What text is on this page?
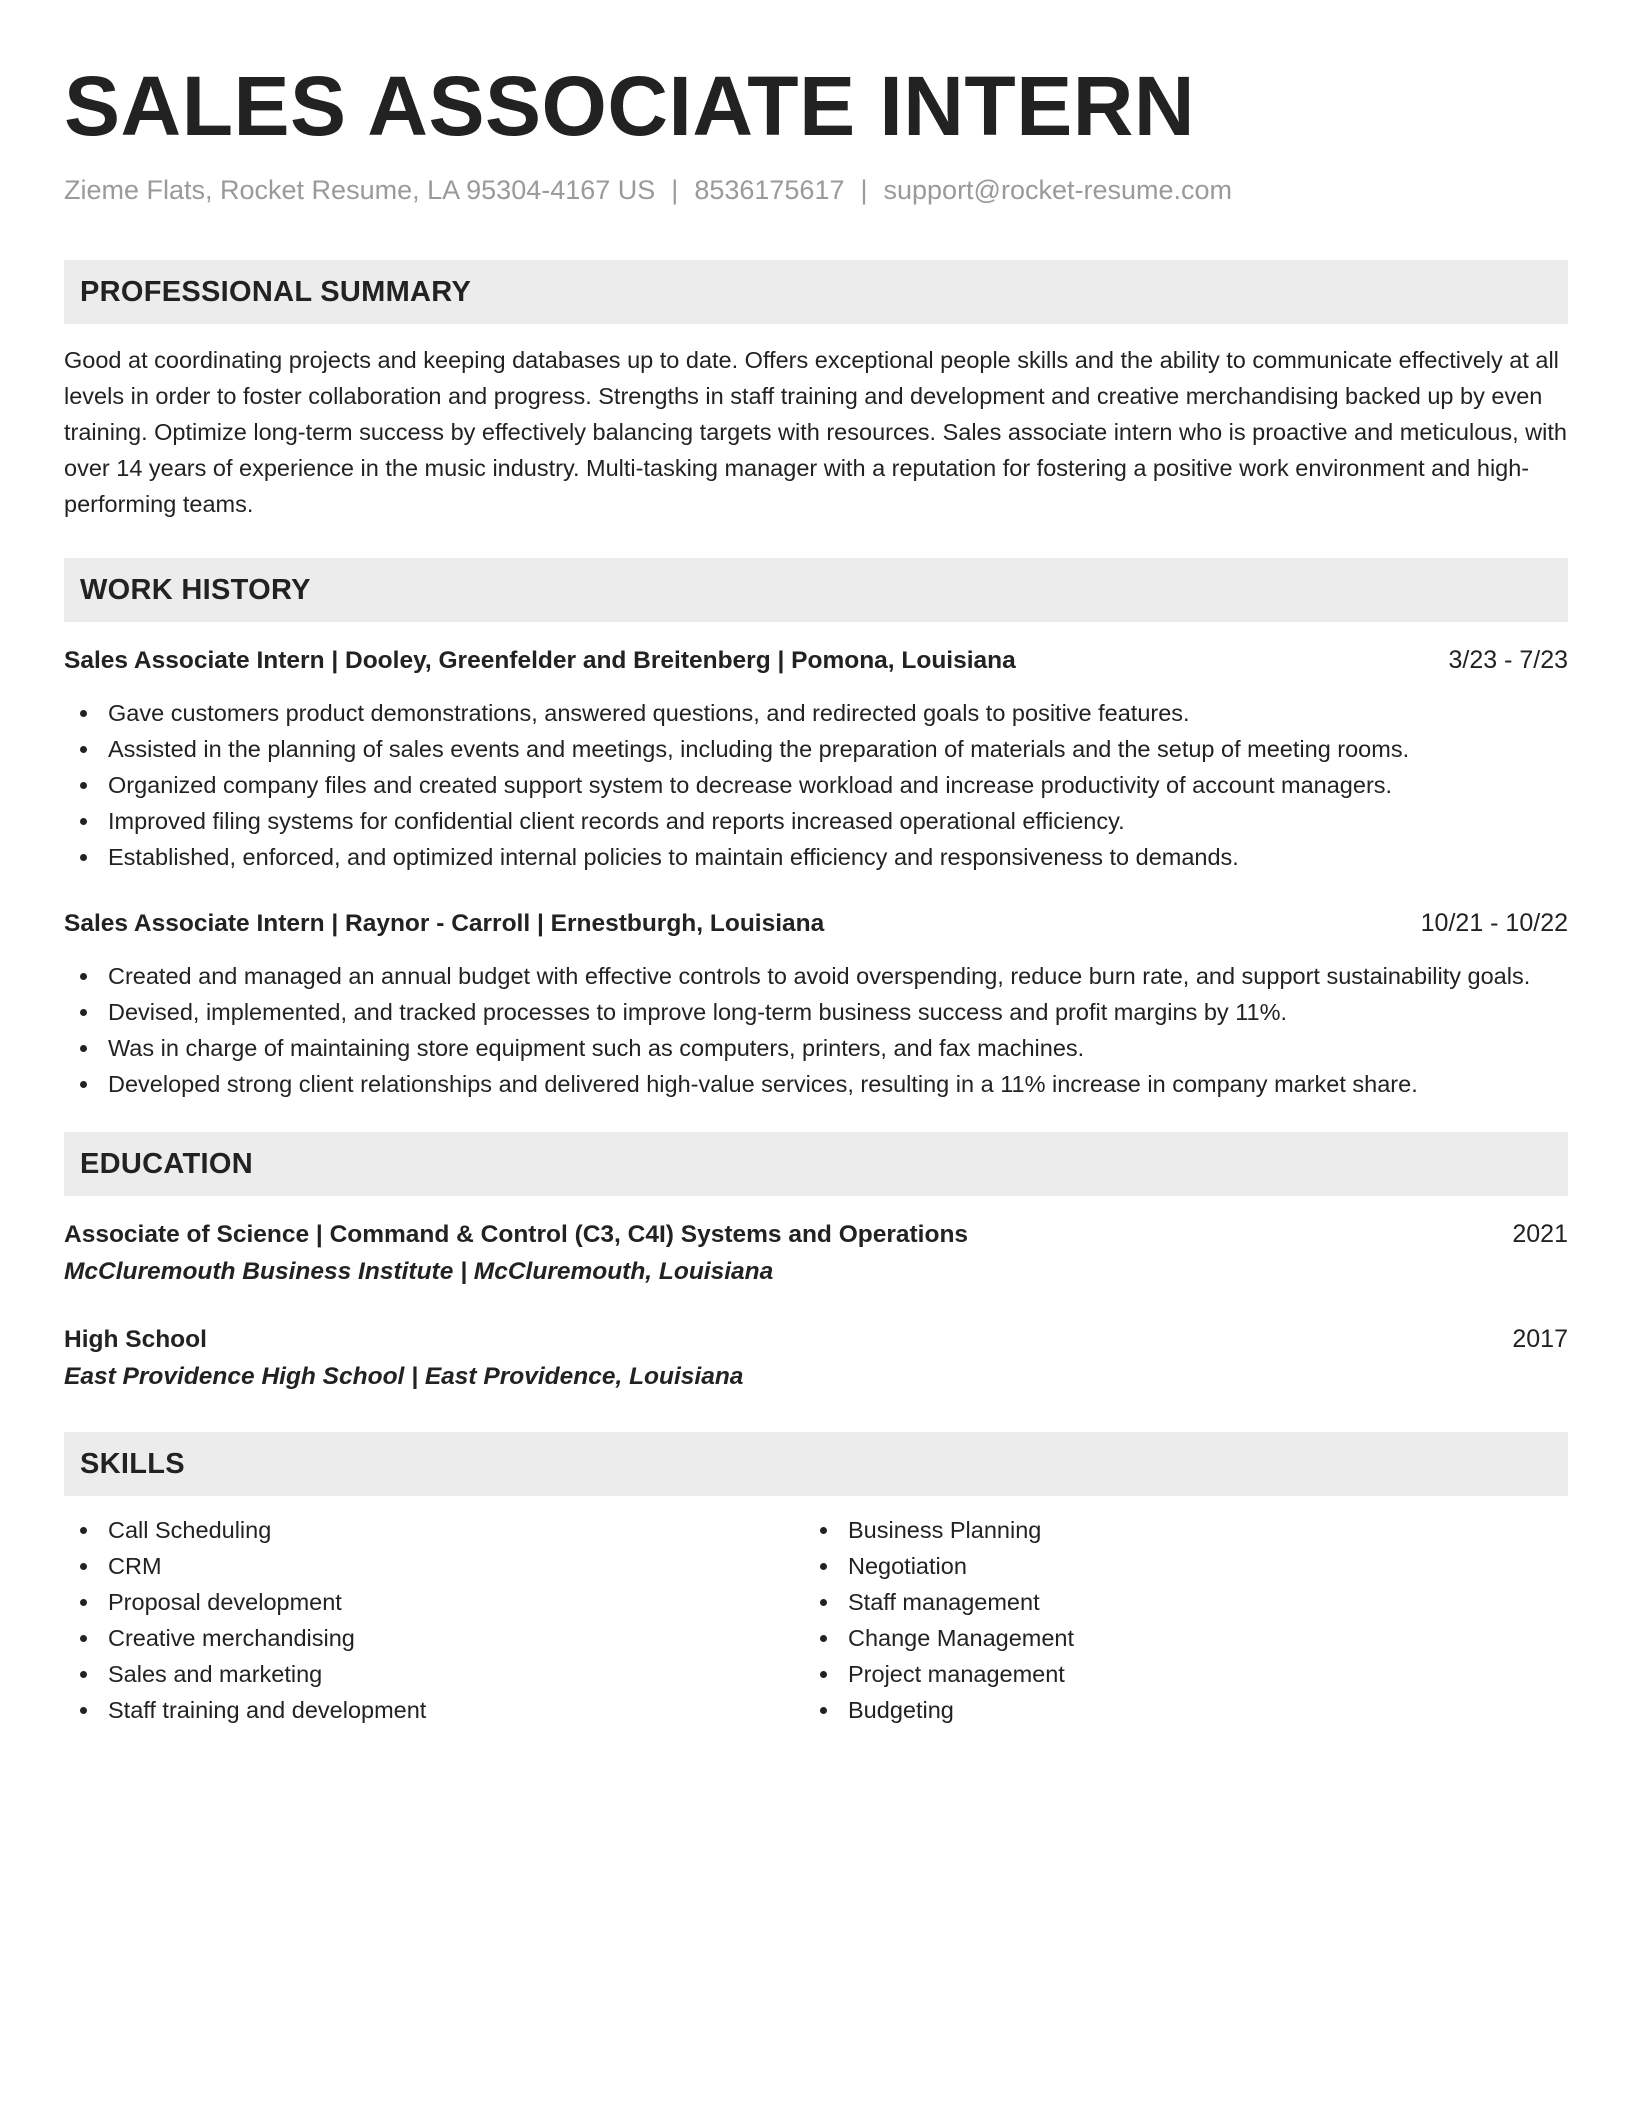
SALES ASSOCIATE INTERN
Zieme Flats, Rocket Resume, LA 95304-4167 US | 8536175617 | support@rocket-resume.com
PROFESSIONAL SUMMARY

Good at coordinating projects and keeping databases up to date. Offers exceptional people skills and the ability to communicate effectively at all levels in order to foster collaboration and progress. Strengths in staff training and development and creative merchandising backed up by even training. Optimize long-term success by effectively balancing targets with resources. Sales associate intern who is proactive and meticulous, with over 14 years of experience in the music industry. Multi-tasking manager with a reputation for fostering a positive work environment and high-performing teams.

WORK HISTORY
Sales Associate Intern | Dooley, Greenfelder and Breitenberg | Pomona, Louisiana	3/23 - 7/23
Gave customers product demonstrations, answered questions, and redirected goals to positive features.
Assisted in the planning of sales events and meetings, including the preparation of materials and the setup of meeting rooms.
Organized company files and created support system to decrease workload and increase productivity of account managers.
Improved filing systems for confidential client records and reports increased operational efficiency.
Established, enforced, and optimized internal policies to maintain efficiency and responsiveness to demands.
Sales Associate Intern | Raynor - Carroll | Ernestburgh, Louisiana	10/21 - 10/22
Created and managed an annual budget with effective controls to avoid overspending, reduce burn rate, and support sustainability goals.
Devised, implemented, and tracked processes to improve long-term business success and profit margins by 11%.
Was in charge of maintaining store equipment such as computers, printers, and fax machines.
Developed strong client relationships and delivered high-value services, resulting in a 11% increase in company market share.
EDUCATION
Associate of Science | Command & Control (C3, C4I) Systems and Operations	2021
McCluremouth Business Institute | McCluremouth, Louisiana
High School	2017
East Providence High School | East Providence, Louisiana
SKILLS
Call Scheduling
CRM
Proposal development
Creative merchandising
Sales and marketing
Staff training and development
Business Planning
Negotiation
Staff management
Change Management
Project management
Budgeting
